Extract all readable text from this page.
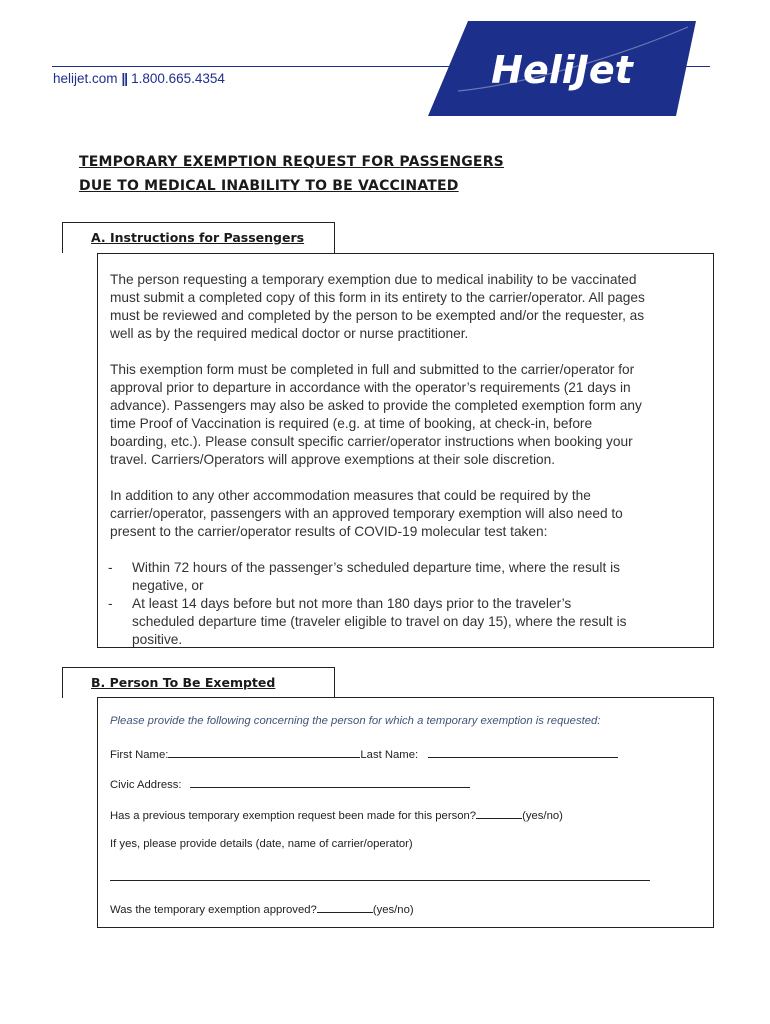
helijet.com || 1.800.665.4354	HeliJet
TEMPORARY EXEMPTION REQUEST FOR PASSENGERS
DUE TO MEDICAL INABILITY TO BE VACCINATED
A. Instructions for Passengers

The person requesting a temporary exemption due to medical inability to be vaccinated
must submit a completed copy of this form in its entirety to the carrier/operator. All pages
must be reviewed and completed by the person to be exempted and/or the requester, as
well as by the required medical doctor or nurse practitioner.

This exemption form must be completed in full and submitted to the carrier/operator for
approval prior to departure in accordance with the operator’s requirements (21 days in
advance). Passengers may also be asked to provide the completed exemption form any
time Proof of Vaccination is required (e.g. at time of booking, at check-in, before
boarding, etc.). Please consult specific carrier/operator instructions when booking your
travel. Carriers/Operators will approve exemptions at their sole discretion.

In addition to any other accommodation measures that could be required by the
carrier/operator, passengers with an approved temporary exemption will also need to
present to the carrier/operator results of COVID-19 molecular test taken:

- Within 72 hours of the passenger’s scheduled departure time, where the result is
negative, or
- At least 14 days before but not more than 180 days prior to the traveler’s
scheduled departure time (traveler eligible to travel on day 15), where the result is
positive.
B. Person To Be Exempted
Please provide the following concerning the person for which a temporary exemption is requested:
First Name:	Last Name:
Civic Address:
Has a previous temporary exemption request been made for this person?	(yes/no)
If yes, please provide details (date, name of carrier/operator)
Was the temporary exemption approved?	(yes/no)
